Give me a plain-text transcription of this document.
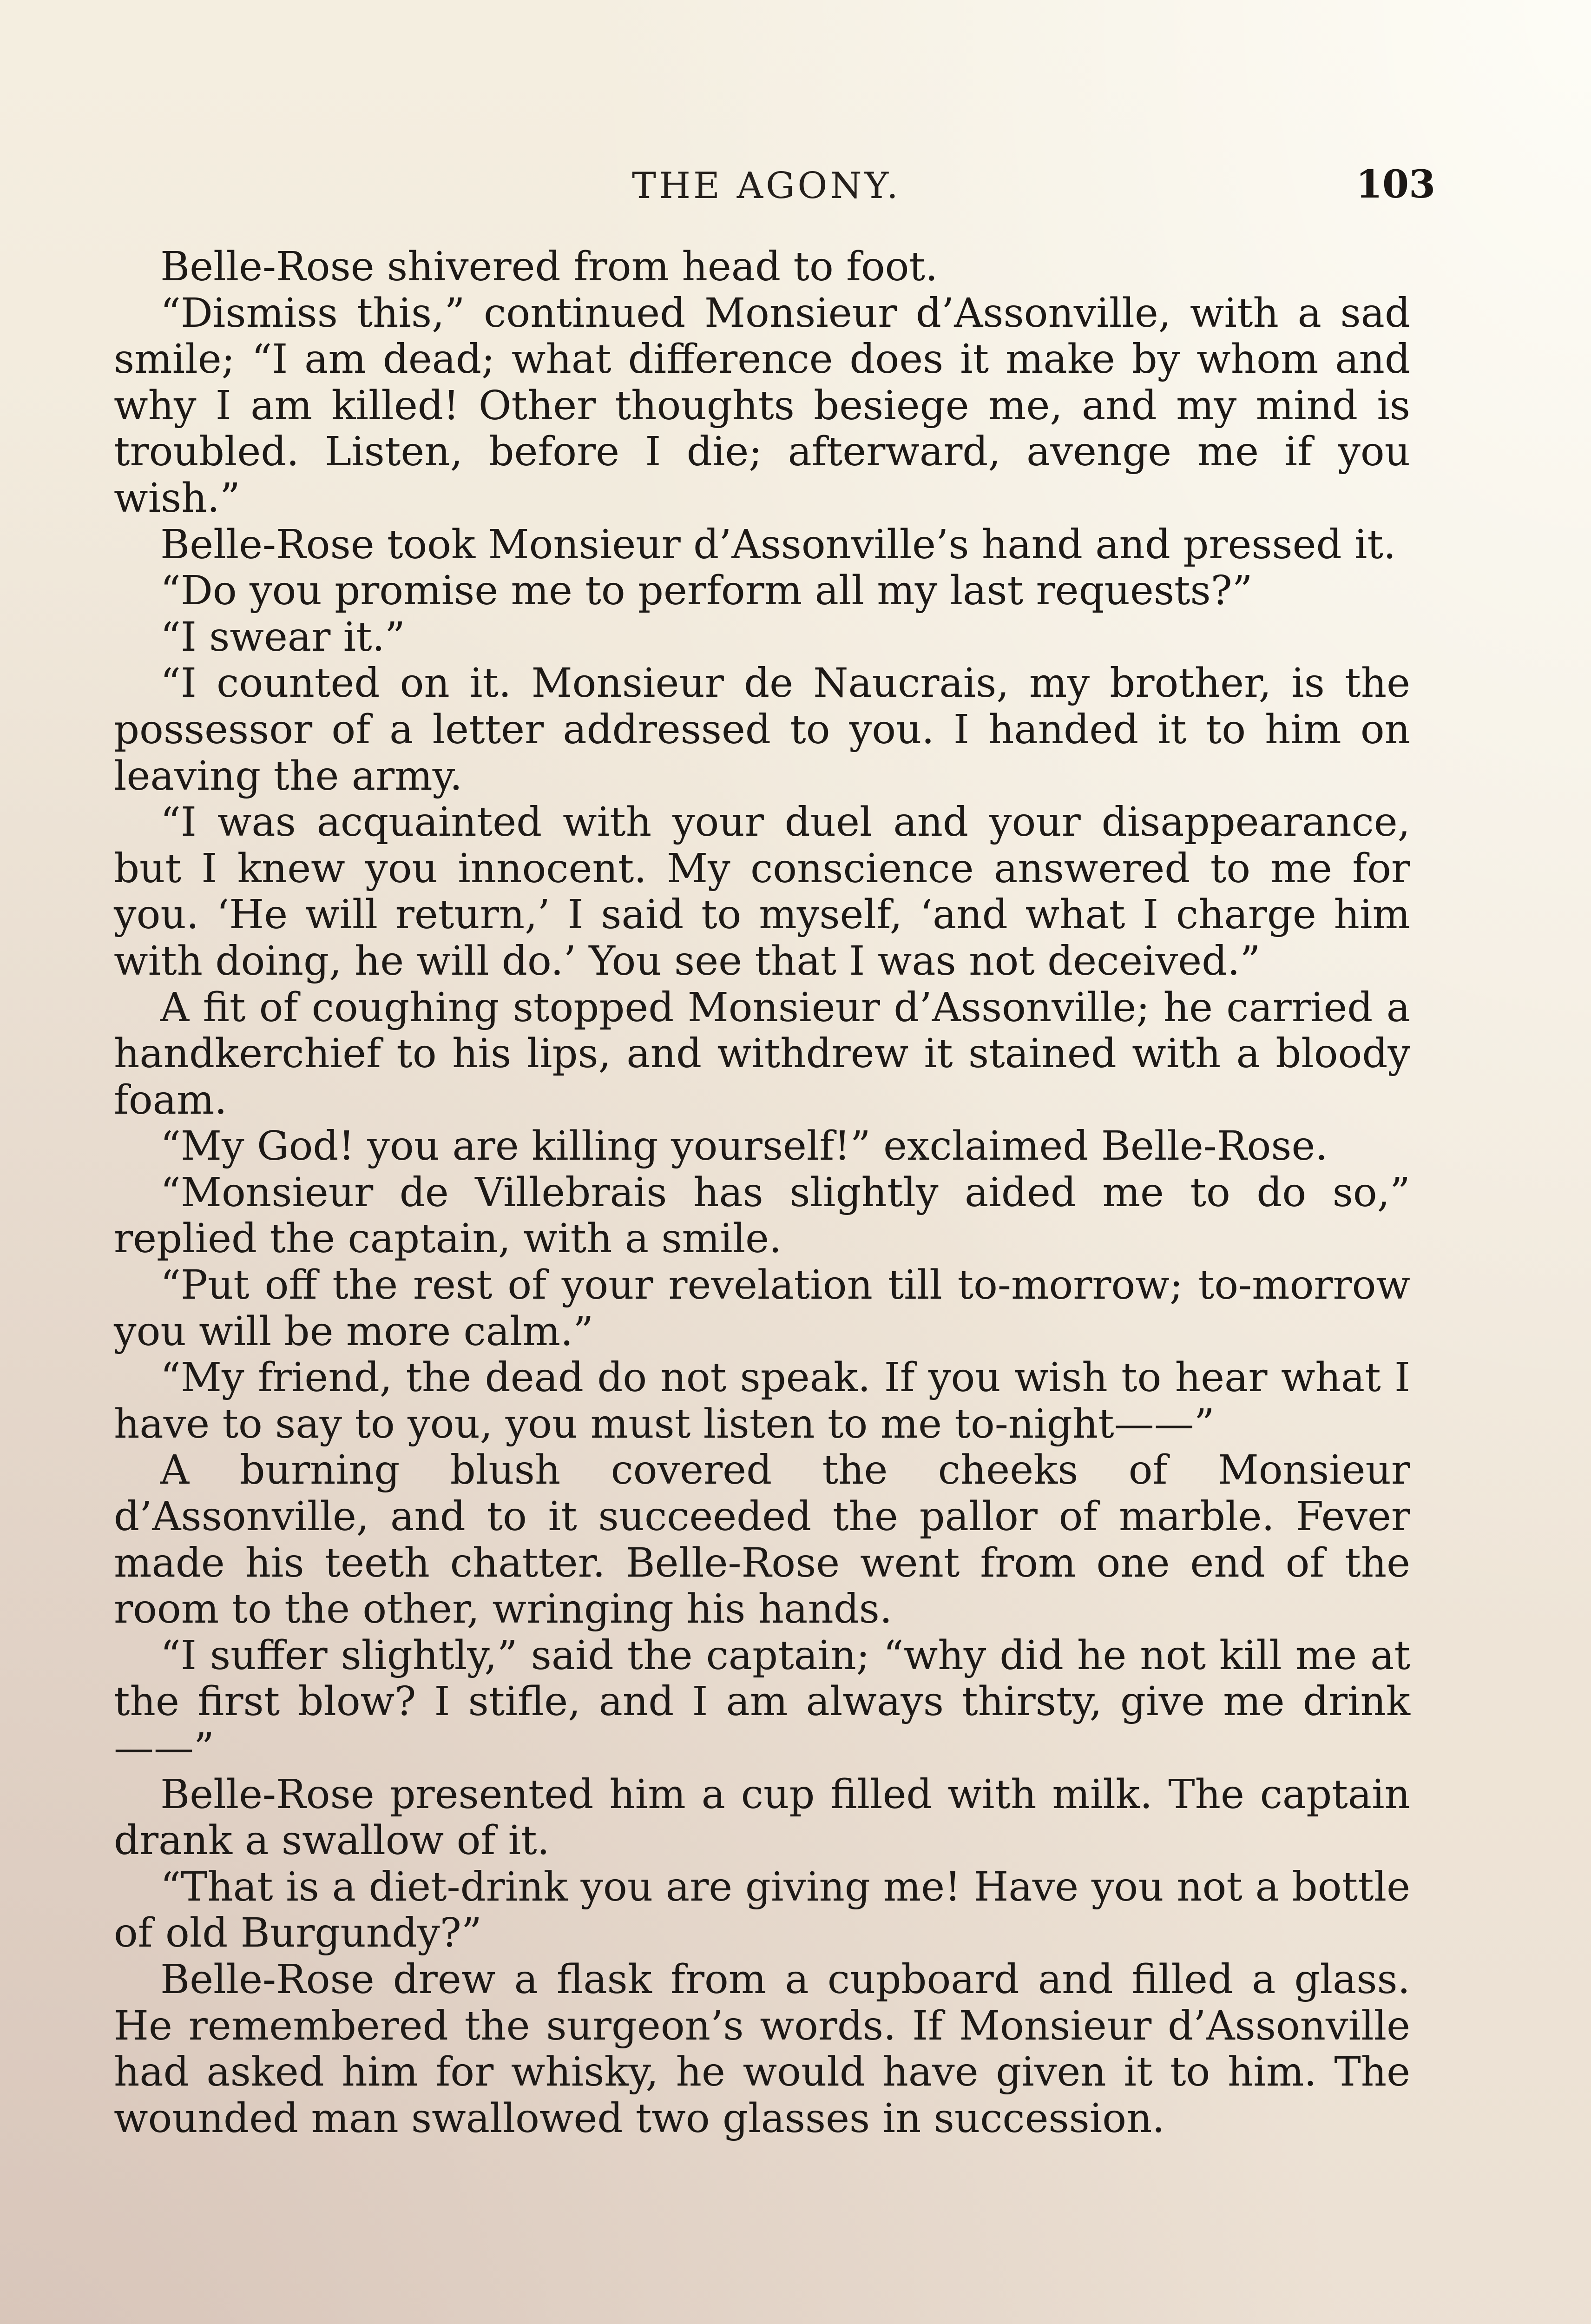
THE AGONY.	103

Belle-Rose shivered from head to foot.

“Dismiss this,” continued Monsieur d’Assonville, with a sad smile; “I am dead; what difference does it make by whom and why I am killed! Other thoughts besiege me, and my mind is troubled. Listen, before I die; afterward, avenge me if you wish.”

Belle-Rose took Monsieur d’Assonville’s hand and pressed it.

“Do you promise me to perform all my last requests?”

“I swear it.”

“I counted on it. Monsieur de Naucrais, my brother, is the possessor of a letter addressed to you. I handed it to him on leaving the army.

“I was acquainted with your duel and your disappearance, but I knew you innocent. My conscience answered to me for you. ‘He will return,’ I said to myself, ‘and what I charge him with doing, he will do.’ You see that I was not deceived.”

A fit of coughing stopped Monsieur d’Assonville; he carried a handkerchief to his lips, and withdrew it stained with a bloody foam.

“My God! you are killing yourself!” exclaimed Belle-Rose.

“Monsieur de Villebrais has slightly aided me to do so,” replied the captain, with a smile.

“Put off the rest of your revelation till to-morrow; to-morrow you will be more calm.”

“My friend, the dead do not speak. If you wish to hear what I have to say to you, you must listen to me to-night——”

A burning blush covered the cheeks of Monsieur d’Assonville, and to it succeeded the pallor of marble. Fever made his teeth chatter. Belle-Rose went from one end of the room to the other, wringing his hands.

“I suffer slightly,” said the captain; “why did he not kill me at the first blow? I stifle, and I am always thirsty, give me drink——”

Belle-Rose presented him a cup filled with milk. The captain drank a swallow of it.

“That is a diet-drink you are giving me! Have you not a bottle of old Burgundy?”

Belle-Rose drew a flask from a cupboard and filled a glass. He remembered the surgeon’s words. If Monsieur d’Assonville had asked him for whisky, he would have given it to him. The wounded man swallowed two glasses in succession.
